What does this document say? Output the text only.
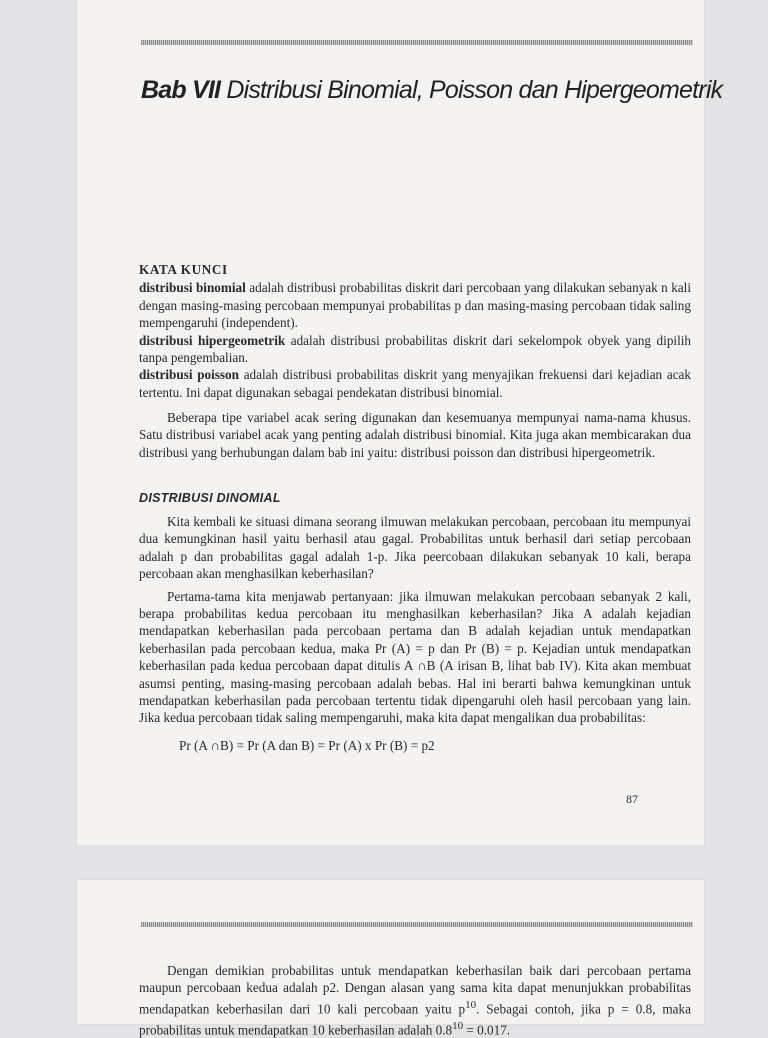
Bab VII Distribusi Binomial, Poisson dan Hipergeometrik

KATA KUNCI

distribusi binomial adalah distribusi probabilitas diskrit dari percobaan yang dilakukan sebanyak n kali dengan masing-masing percobaan mempunyai probabilitas p dan masing-masing percobaan tidak saling mempengaruhi (independent).

distribusi hipergeometrik adalah distribusi probabilitas diskrit dari sekelompok obyek yang dipilih tanpa pengembalian.

distribusi poisson adalah distribusi probabilitas diskrit yang menyajikan frekuensi dari kejadian acak tertentu. Ini dapat digunakan sebagai pendekatan distribusi binomial.

Beberapa tipe variabel acak sering digunakan dan kesemuanya mempunyai nama-nama khusus. Satu distribusi variabel acak yang penting adalah distribusi binomial. Kita juga akan membicarakan dua distribusi yang berhubungan dalam bab ini yaitu: distribusi poisson dan distribusi hipergeometrik.

DISTRIBUSI DINOMIAL

Kita kembali ke situasi dimana seorang ilmuwan melakukan percobaan, percobaan itu mempunyai dua kemungkinan hasil yaitu berhasil atau gagal. Probabilitas untuk berhasil dari setiap percobaan adalah p dan probabilitas gagal adalah 1-p. Jika peercobaan dilakukan sebanyak 10 kali, berapa percobaan akan menghasilkan keberhasilan?

Pertama-tama kita menjawab pertanyaan: jika ilmuwan melakukan percobaan sebanyak 2 kali, berapa probabilitas kedua percobaan itu menghasilkan keberhasilan? Jika A adalah kejadian mendapatkan keberhasilan pada percobaan pertama dan B adalah kejadian untuk mendapatkan keberhasilan pada percobaan kedua, maka Pr (A) = p dan Pr (B) = p. Kejadian untuk mendapatkan keberhasilan pada kedua percobaan dapat ditulis A ∩B (A irisan B, lihat bab IV). Kita akan membuat asumsi penting, masing-masing percobaan adalah bebas. Hal ini berarti bahwa kemungkinan untuk mendapatkan keberhasilan pada percobaan tertentu tidak dipengaruhi oleh hasil percobaan yang lain. Jika kedua percobaan tidak saling mempengaruhi, maka kita dapat mengalikan dua probabilitas:

Pr (A ∩B) = Pr (A dan B) = Pr (A) x Pr (B) = p2
87

Dengan demikian probabilitas untuk mendapatkan keberhasilan baik dari percobaan pertama maupun percobaan kedua adalah p2. Dengan alasan yang sama kita dapat menunjukkan probabilitas mendapatkan keberhasilan dari 10 kali percobaan yaitu $p^{10}$. Sebagai contoh, jika p = 0.8, maka probabilitas untuk mendapatkan 10 keberhasilan adalah $0.8^{10} = 0.017$.
